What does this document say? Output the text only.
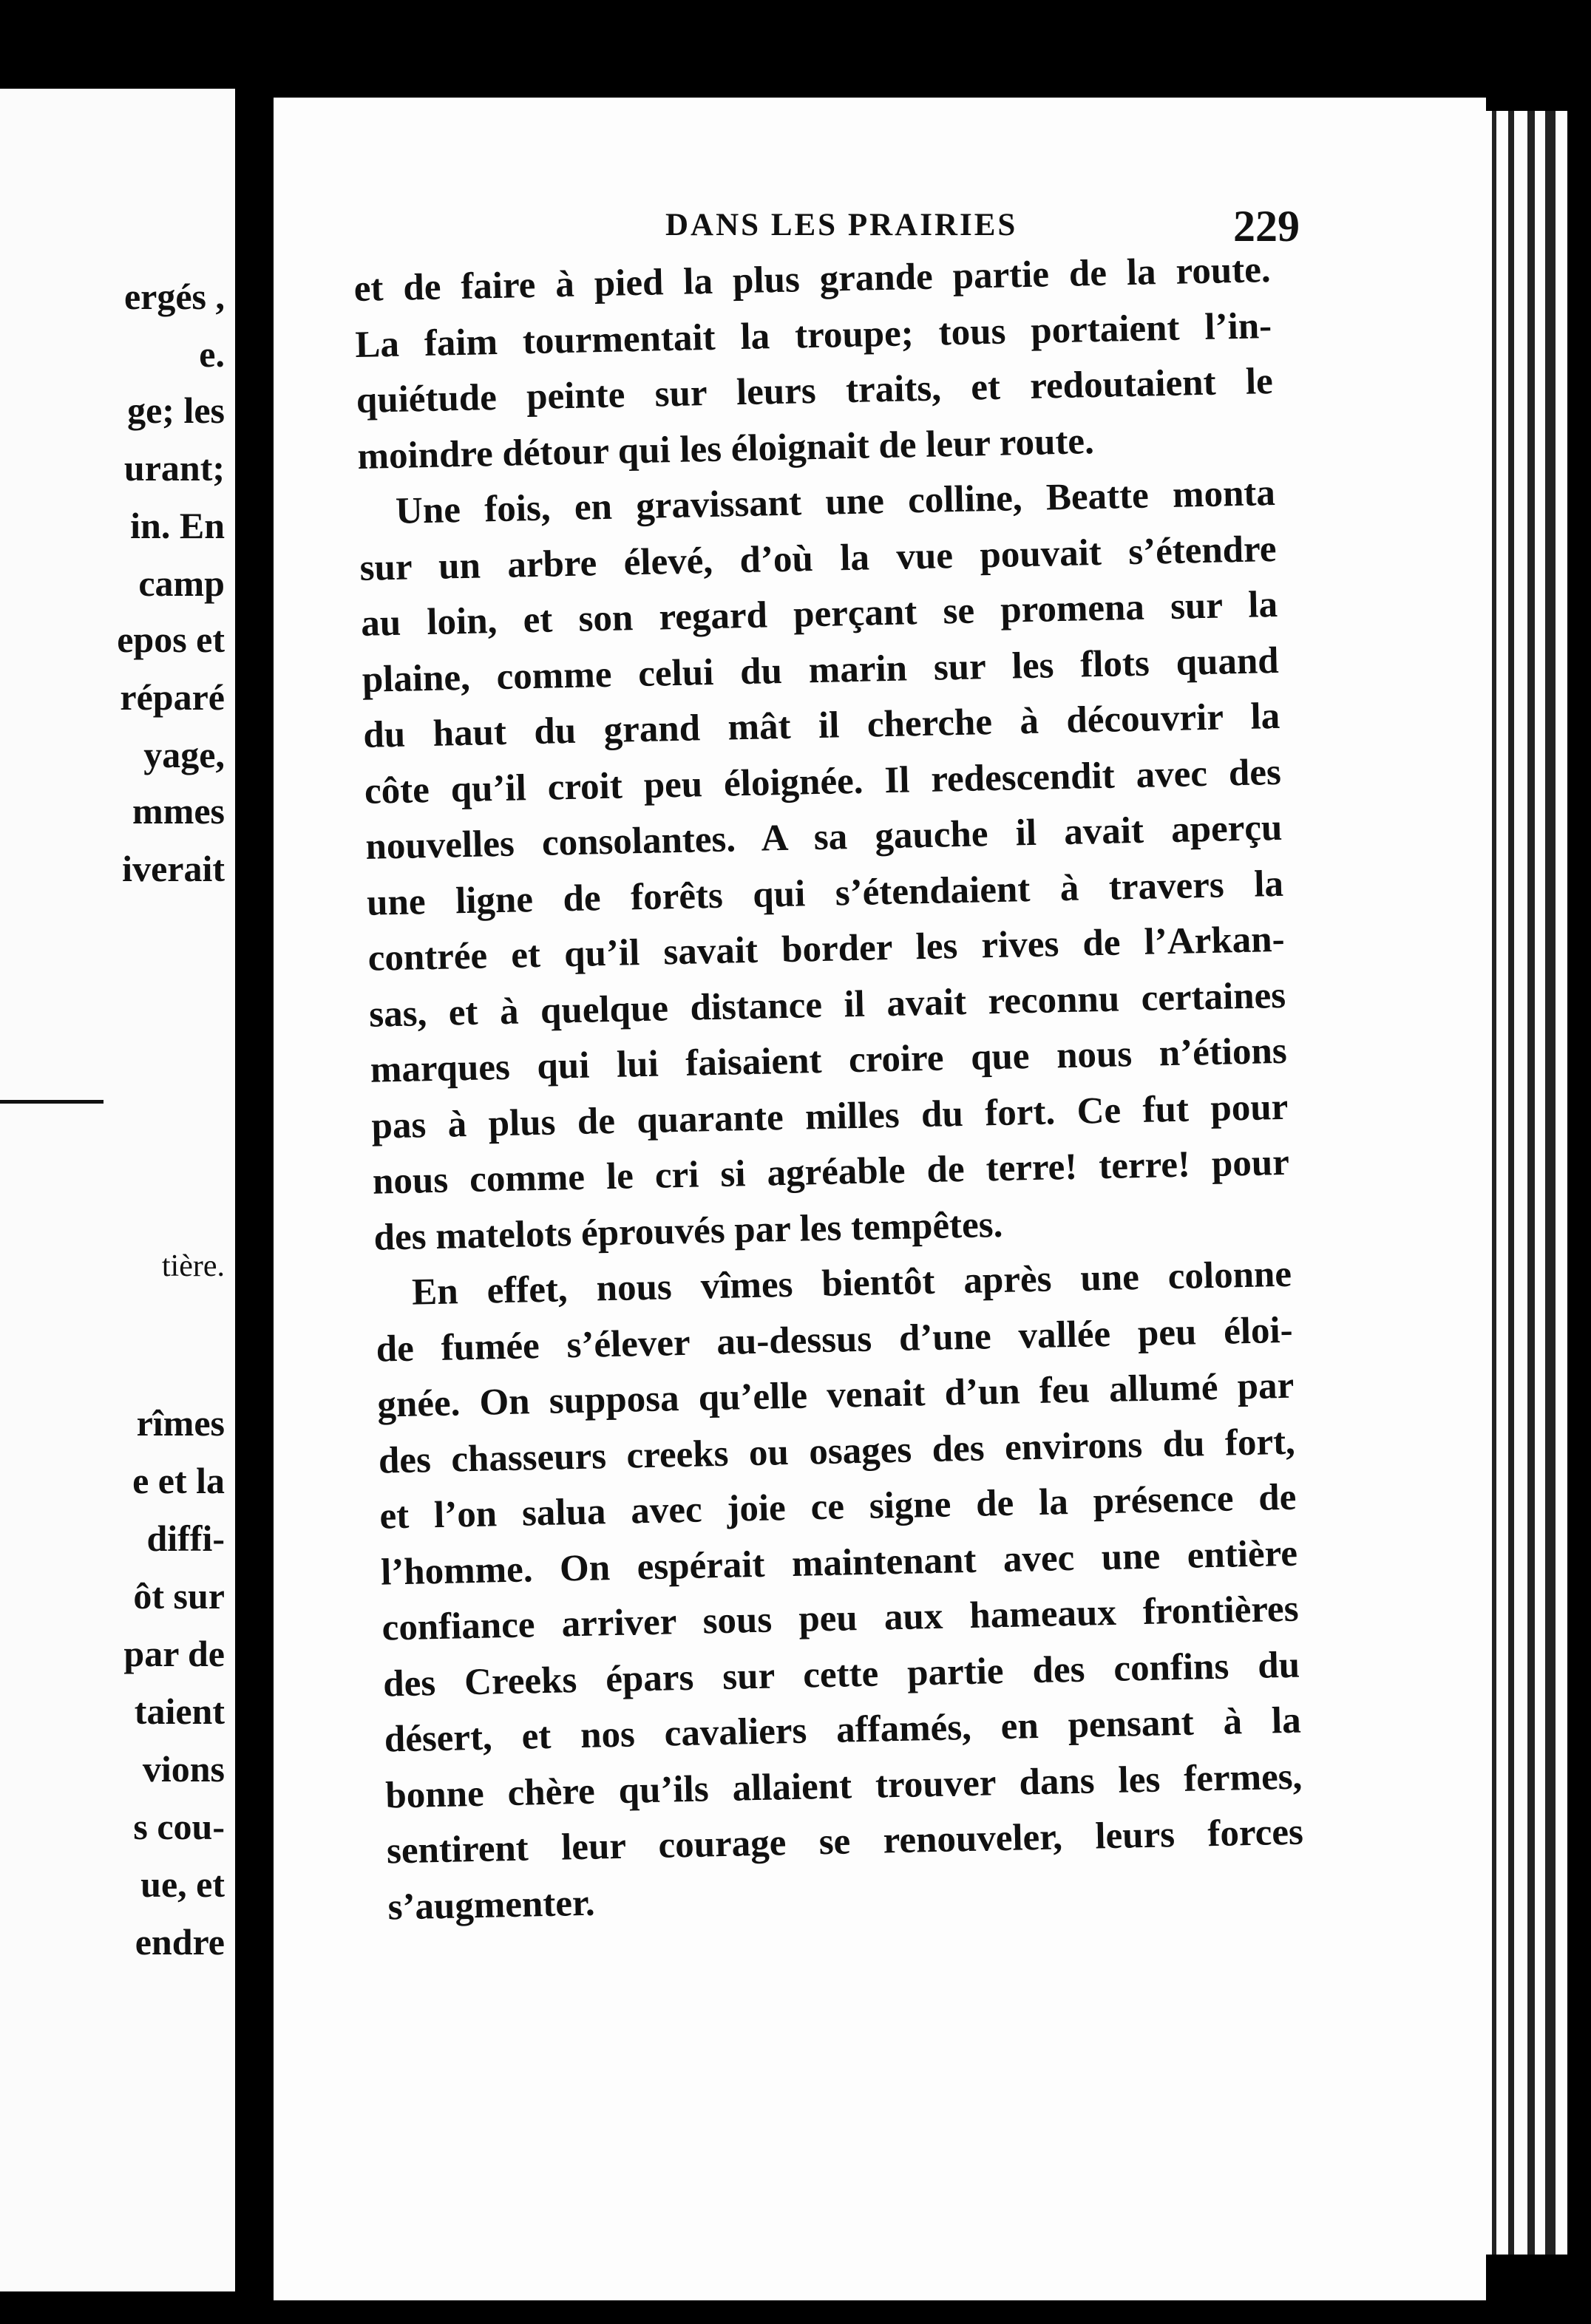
ergés ,
e.
ge; les
urant;
in. En
camp
epos et
réparé
yage,
mmes
iverait
tière.
rîmes
e et la
diffi-
ôt sur
par de
taient
vions
s cou-
ue, et
endre
DANS LES PRAIRIES	229
et de faire à pied la plus grande partie de la route.
La faim tourmentait la troupe; tous portaient l’in-
quiétude peinte sur leurs traits, et redoutaient le
moindre détour qui les éloignait de leur route.
Une fois, en gravissant une colline, Beatte monta
sur un arbre élevé, d’où la vue pouvait s’étendre
au loin, et son regard perçant se promena sur la
plaine, comme celui du marin sur les flots quand
du haut du grand mât il cherche à découvrir la
côte qu’il croit peu éloignée. Il redescendit avec des
nouvelles consolantes. A sa gauche il avait aperçu
une ligne de forêts qui s’étendaient à travers la
contrée et qu’il savait border les rives de l’Arkan-
sas, et à quelque distance il avait reconnu certaines
marques qui lui faisaient croire que nous n’étions
pas à plus de quarante milles du fort. Ce fut pour
nous comme le cri si agréable de terre! terre! pour
des matelots éprouvés par les tempêtes.
En effet, nous vîmes bientôt après une colonne
de fumée s’élever au-dessus d’une vallée peu éloi-
gnée. On supposa qu’elle venait d’un feu allumé par
des chasseurs creeks ou osages des environs du fort,
et l’on salua avec joie ce signe de la présence de
l’homme. On espérait maintenant avec une entière
confiance arriver sous peu aux hameaux frontières
des Creeks épars sur cette partie des confins du
désert, et nos cavaliers affamés, en pensant à la
bonne chère qu’ils allaient trouver dans les fermes,
sentirent leur courage se renouveler, leurs forces
s’augmenter.
